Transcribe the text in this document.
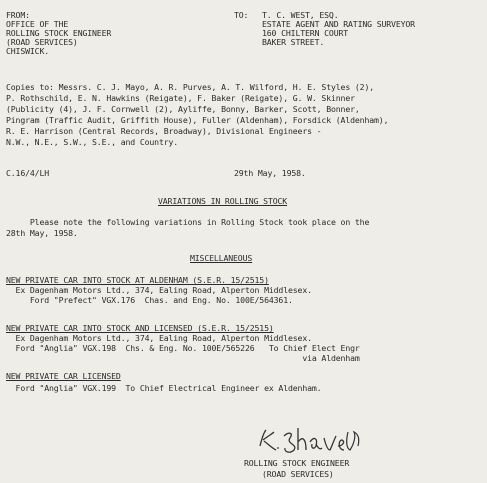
FROM:
OFFICE OF THE
ROLLING STOCK ENGINEER
(ROAD SERVICES)
CHISWICK.
TO: T. C. WEST, ESQ.
ESTATE AGENT AND RATING SURVEYOR
160 CHILTERN COURT
BAKER STREET.
Copies to: Messrs. C. J. Mayo, A. R. Purves, A. T. Wilford, H. E. Styles (2),
P. Rothschild, E. N. Hawkins (Reigate), F. Baker (Reigate), G. W. Skinner
(Publicity (4), J. F. Cornwell (2), Ayliffe, Bonny, Barker, Scott, Bonner,
Pingram (Traffic Audit, Griffith House), Fuller (Aldenham), Forsdick (Aldenham),
R. E. Harrison (Central Records, Broadway), Divisional Engineers -
N.W., N.E., S.W., S.E., and Country.
C.16/4/LH	29th May, 1958.
VARIATIONS IN ROLLING STOCK
Please note the following variations in Rolling Stock took place on the
28th May, 1958.
MISCELLANEOUS
NEW PRIVATE CAR INTO STOCK AT ALDENHAM (S.E.R. 15/2515)
Ex Dagenham Motors Ltd., 374, Ealing Road, Alperton Middlesex.
Ford "Prefect" VGX.176  Chas. and Eng. No. 100E/564361.
NEW PRIVATE CAR INTO STOCK AND LICENSED (S.E.R. 15/2515)
Ex Dagenham Motors Ltd., 374, Ealing Road, Alperton Middlesex.
Ford "Anglia" VGX.198  Chs. & Eng. No. 100E/565226   To Chief Elect Engr
via Aldenham
NEW PRIVATE CAR LICENSED
Ford "Anglia" VGX.199  To Chief Electrical Engineer ex Aldenham.
ROLLING STOCK ENGINEER
(ROAD SERVICES)
